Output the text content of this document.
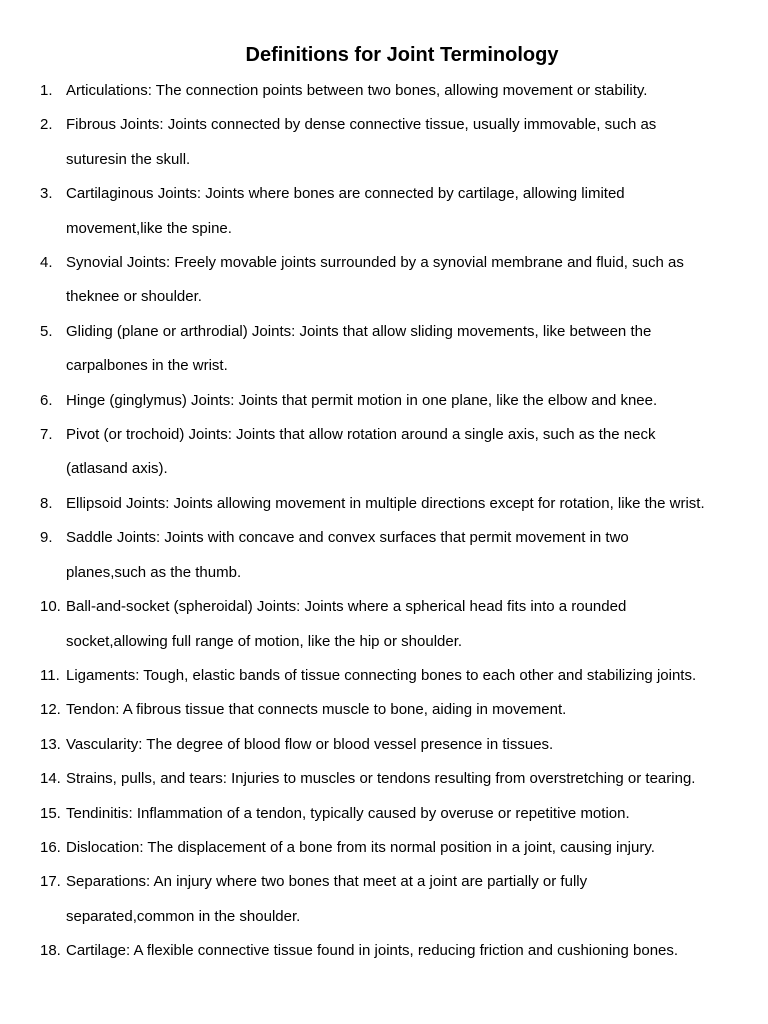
Definitions for Joint Terminology
1. Articulations: The connection points between two bones, allowing movement or stability.
2. Fibrous Joints: Joints connected by dense connective tissue, usually immovable, such as
suturesin the skull.
3. Cartilaginous Joints: Joints where bones are connected by cartilage, allowing limited
movement,like the spine.
4. Synovial Joints: Freely movable joints surrounded by a synovial membrane and fluid, such as
theknee or shoulder.
5. Gliding (plane or arthrodial) Joints: Joints that allow sliding movements, like between the
carpalbones in the wrist.
6. Hinge (ginglymus) Joints: Joints that permit motion in one plane, like the elbow and knee.
7. Pivot (or trochoid) Joints: Joints that allow rotation around a single axis, such as the neck
(atlasand axis).
8. Ellipsoid Joints: Joints allowing movement in multiple directions except for rotation, like the wrist.
9. Saddle Joints: Joints with concave and convex surfaces that permit movement in two
planes,such as the thumb.
10. Ball-and-socket (spheroidal) Joints: Joints where a spherical head fits into a rounded
socket,allowing full range of motion, like the hip or shoulder.
11. Ligaments: Tough, elastic bands of tissue connecting bones to each other and stabilizing joints.
12. Tendon: A fibrous tissue that connects muscle to bone, aiding in movement.
13. Vascularity: The degree of blood flow or blood vessel presence in tissues.
14. Strains, pulls, and tears: Injuries to muscles or tendons resulting from overstretching or tearing.
15. Tendinitis: Inflammation of a tendon, typically caused by overuse or repetitive motion.
16. Dislocation: The displacement of a bone from its normal position in a joint, causing injury.
17. Separations: An injury where two bones that meet at a joint are partially or fully
separated,common in the shoulder.
18. Cartilage: A flexible connective tissue found in joints, reducing friction and cushioning bones.
